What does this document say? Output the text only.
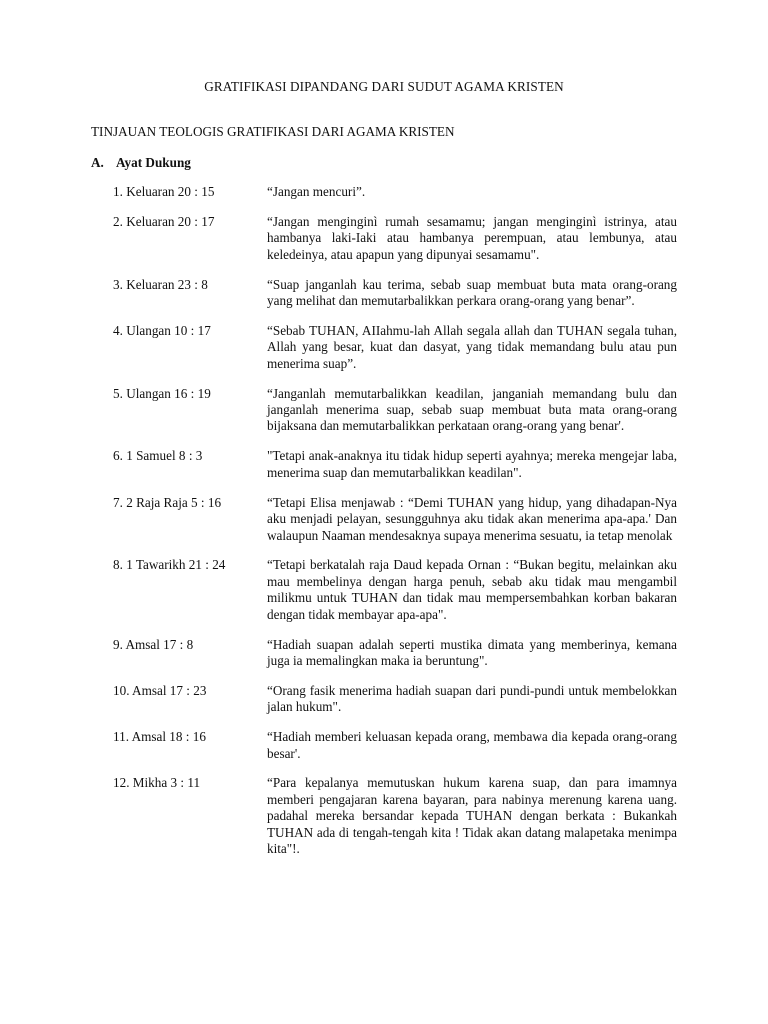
GRATIFIKASI DIPANDANG DARI SUDUT AGAMA KRISTEN
TINJAUAN TEOLOGIS GRATIFIKASI DARI AGAMA KRISTEN
A. Ayat Dukung
1. Keluaran 20 : 15	“Jangan mencuri”.
2. Keluaran 20 : 17	“Jangan menginginì rumah sesamamu; jangan menginginì istrinya, atau hambanya laki-Iaki atau hambanya perempuan, atau lembunya, atau keledeinya, atau apapun yang dipunyai sesamamu".
3. Keluaran 23 : 8	“Suap janganlah kau terima, sebab suap membuat buta mata orang-orang yang melihat dan memutarbalikkan perkara orang-orang yang benar”.
4. Ulangan 10 : 17	“Sebab TUHAN, AIIahmu-lah Allah segala allah dan TUHAN segala tuhan, Allah yang besar, kuat dan dasyat, yang tidak memandang bulu atau pun menerima suap”.
5. Ulangan 16 : 19	“Janganlah memutarbalikkan keadilan, janganiah memandang bulu dan janganlah menerima suap, sebab suap membuat buta mata orang-orang bijaksana dan memutarbalikkan perkataan orang-orang yang benar'.
6. 1 Samuel 8 : 3	"Tetapi anak-anaknya itu tidak hidup seperti ayahnya; mereka mengejar laba, menerima suap dan memutarbalikkan keadilan".
7. 2 Raja Raja 5 : 16	“Tetapi Elisa menjawab : “Demi TUHAN yang hidup, yang dihadapan-Nya aku menjadi pelayan, sesungguhnya aku tidak akan menerima apa-apa.' Dan walaupun Naaman mendesaknya supaya menerima sesuatu, ia tetap menolak
8. 1 Tawarikh 21 : 24	“Tetapi berkatalah raja Daud kepada Ornan : “Bukan begitu, melainkan aku mau membelinya dengan harga penuh, sebab aku tidak mau mengambil milikmu untuk TUHAN dan tidak mau mempersembahkan korban bakaran dengan tidak membayar apa-apa".
9. Amsal 17 : 8	“Hadiah suapan adalah seperti mustika dimata yang memberinya, kemana juga ia memalingkan maka ia beruntung".
10. Amsal 17 : 23	“Orang fasik menerima hadiah suapan dari pundi-pundi untuk membelokkan jalan hukum".
11. Amsal 18 : 16	“Hadiah memberi keluasan kepada orang, membawa dia kepada orang-orang besar'.
12. Mikha 3 : 11	“Para kepalanya memutuskan hukum karena suap, dan para imamnya memberi pengajaran karena bayaran, para nabinya merenung karena uang. padahal mereka bersandar kepada TUHAN dengan berkata : Bukankah TUHAN ada di tengah-tengah kita ! Tidak akan datang malapetaka menimpa kita"!.
